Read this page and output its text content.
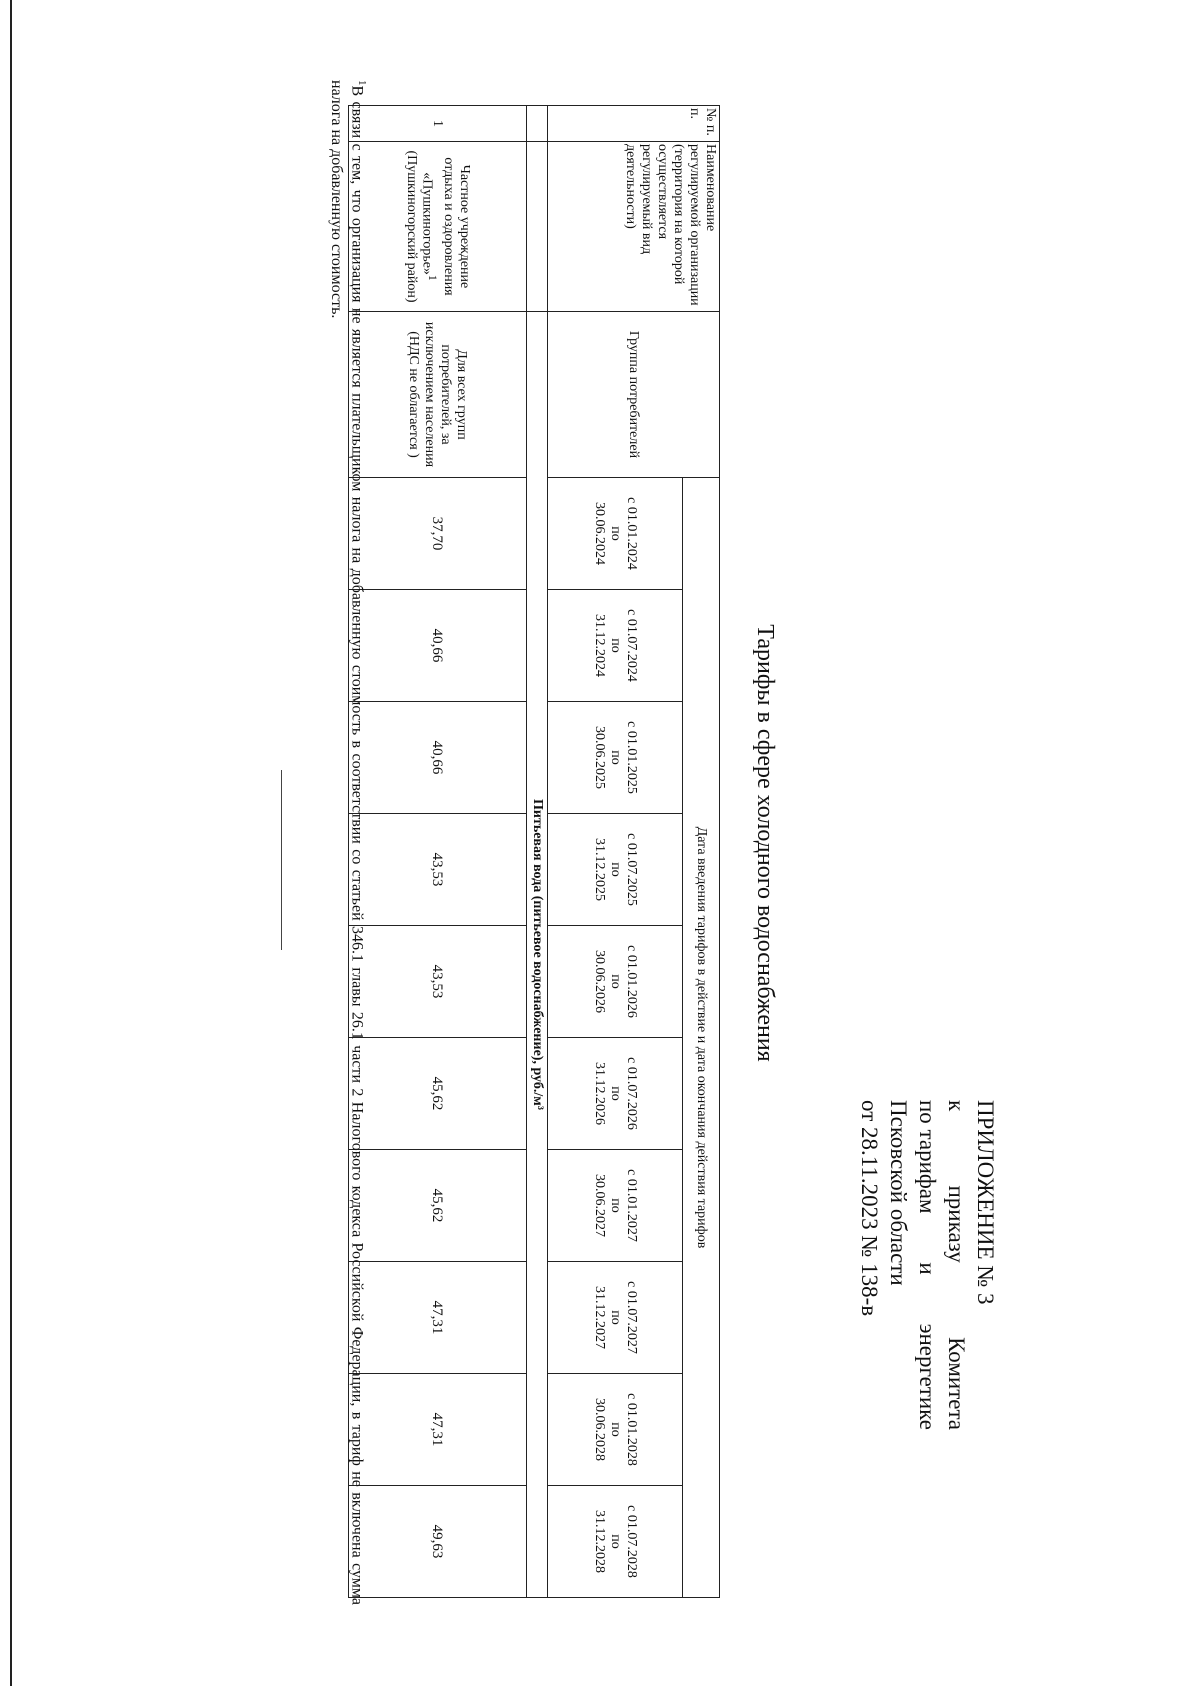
ПРИЛОЖЕНИЕ № 3
к
приказу
Комитета
по тарифам
и
энергетике
Псковской области
от 28.11.2023 № 138-в
Тарифы в сфере холодного водоснабжения
№ п. п.	Наименование регулируемой организации (территория на которой осуществляется регулируемый вид деятельности)	Группа потребителей	Дата введения тарифов в действие и дата окончания действия тарифов									
			с 01.01.2024
по
30.06.2024	с 01.07.2024
по
31.12.2024	с 01.01.2025
по
30.06.2025	с 01.07.2025
по
31.12.2025	с 01.01.2026
по
30.06.2026	с 01.07.2026
по
31.12.2026	с 01.01.2027
по
30.06.2027	с 01.07.2027
по
31.12.2027	с 01.01.2028
по
30.06.2028	с 01.07.2028
по
31.12.2028
		Питьевая вода (питьевое водоснабжение), руб./м³										
1	Частное учреждение отдыха и оздоровления «Пушкиногорье»$^1$
(Пушкиногорский район)	Для всех групп потребителей, за исключением населения (НДС не облагается )	37,70	40,66	40,66	43,53	43,53	45,62	45,62	47,31	47,31	49,63
$^1$В связи с тем, что организация не является плательщиком налога на добавленную стоимость в соответствии со статьей 346.1 главы 26.1 части 2 Налогового кодекса Российской Федерации, в тариф не включена сумма налога на добавленную стоимость.
